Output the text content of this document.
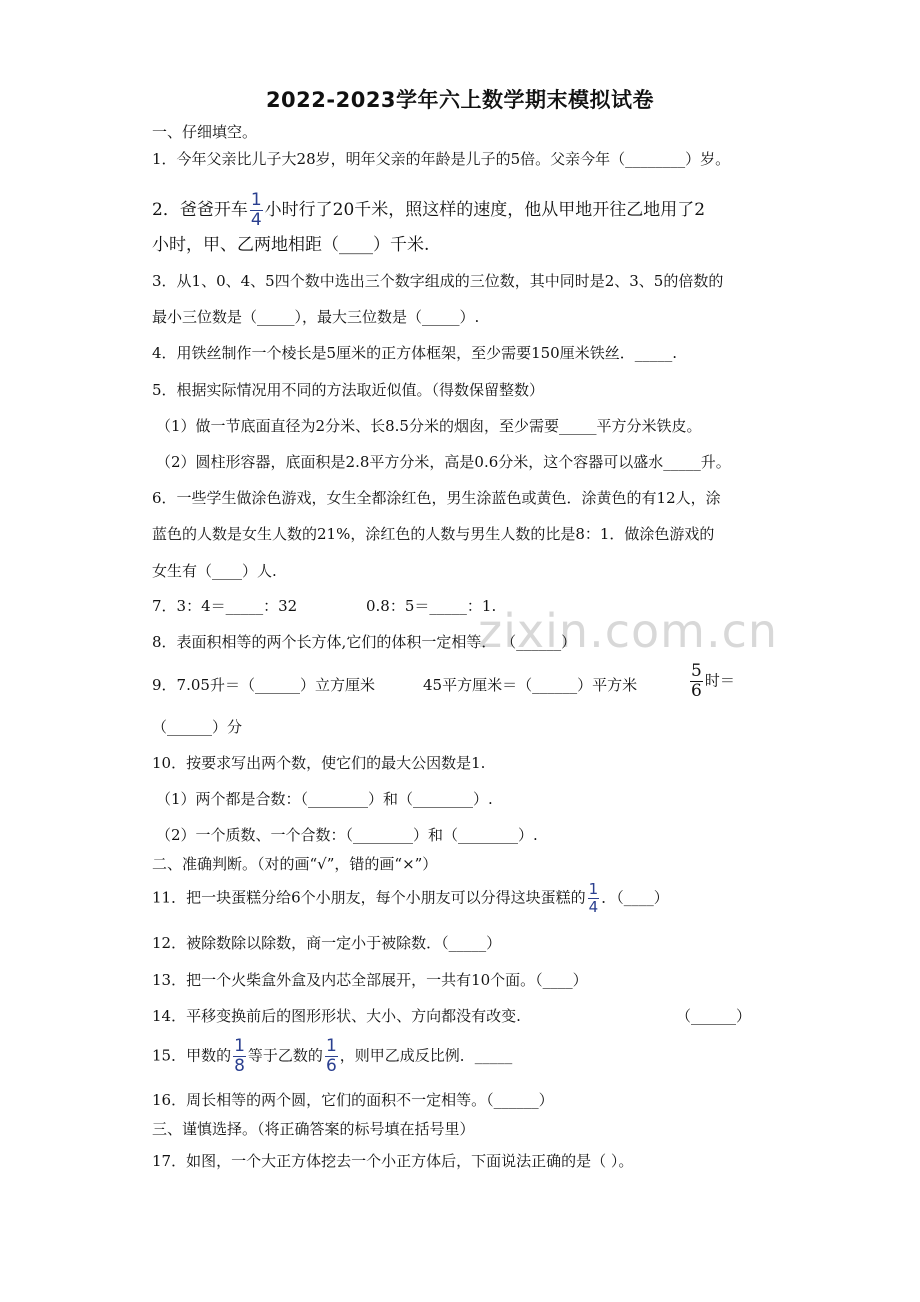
2022-2023学年六上数学期末模拟试卷
zixin.com.cn
一、仔细填空。
1．今年父亲比儿子大28岁，明年父亲的年龄是儿子的5倍。父亲今年（________）岁。
2．爸爸开车 $\frac{1}{4}$ 小时行了20千米，照这样的速度，他从甲地开往乙地用了2
小时，甲、乙两地相距（____）千米.
3．从1、0、4、5四个数中选出三个数字组成的三位数，其中同时是2、3、5的倍数的
最小三位数是（_____），最大三位数是（_____）.
4．用铁丝制作一个棱长是5厘米的正方体框架，至少需要150厘米铁丝．_____.
5．根据实际情况用不同的方法取近似值。（得数保留整数）
（1）做一节底面直径为2分米、长8.5分米的烟囱，至少需要_____平方分米铁皮。
（2）圆柱形容器，底面积是2.8平方分米，高是0.6分米，这个容器可以盛水_____升。
6．一些学生做涂色游戏，女生全都涂红色，男生涂蓝色或黄色．涂黄色的有12人，涂
蓝色的人数是女生人数的21%，涂红色的人数与男生人数的比是8：1．做涂色游戏的
女生有（____）人.
7．3：4＝_____：32	0.8：5＝_____：1.
8．表面积相等的两个长方体,它们的体积一定相等． （______）
9．7.05升＝（______）立方厘米	45平方厘米＝（______）平方米	$\frac{5}{6}$ 时＝
（______）分
10．按要求写出两个数，使它们的最大公因数是1.
（1）两个都是合数：（________）和（________）.
（2）一个质数、一个合数：（________）和（________）.
二、准确判断。（对的画“√”，错的画“×”）
11．把一块蛋糕分给6个小朋友，每个小朋友可以分得这块蛋糕的 $\frac{1}{4}$ ．（____）
12．被除数除以除数，商一定小于被除数．（_____）
13．把一个火柴盒外盒及内芯全部展开，一共有10个面。（____）
14．平移变换前后的图形形状、大小、方向都没有改变.	（______）
15．甲数的 $\frac{1}{8}$ 等于乙数的 $\frac{1}{6}$ ，则甲乙成反比例．_____
16．周长相等的两个圆，它们的面积不一定相等。（______）
三、谨慎选择。（将正确答案的标号填在括号里）
17．如图，一个大正方体挖去一个小正方体后，下面说法正确的是（ ）。
